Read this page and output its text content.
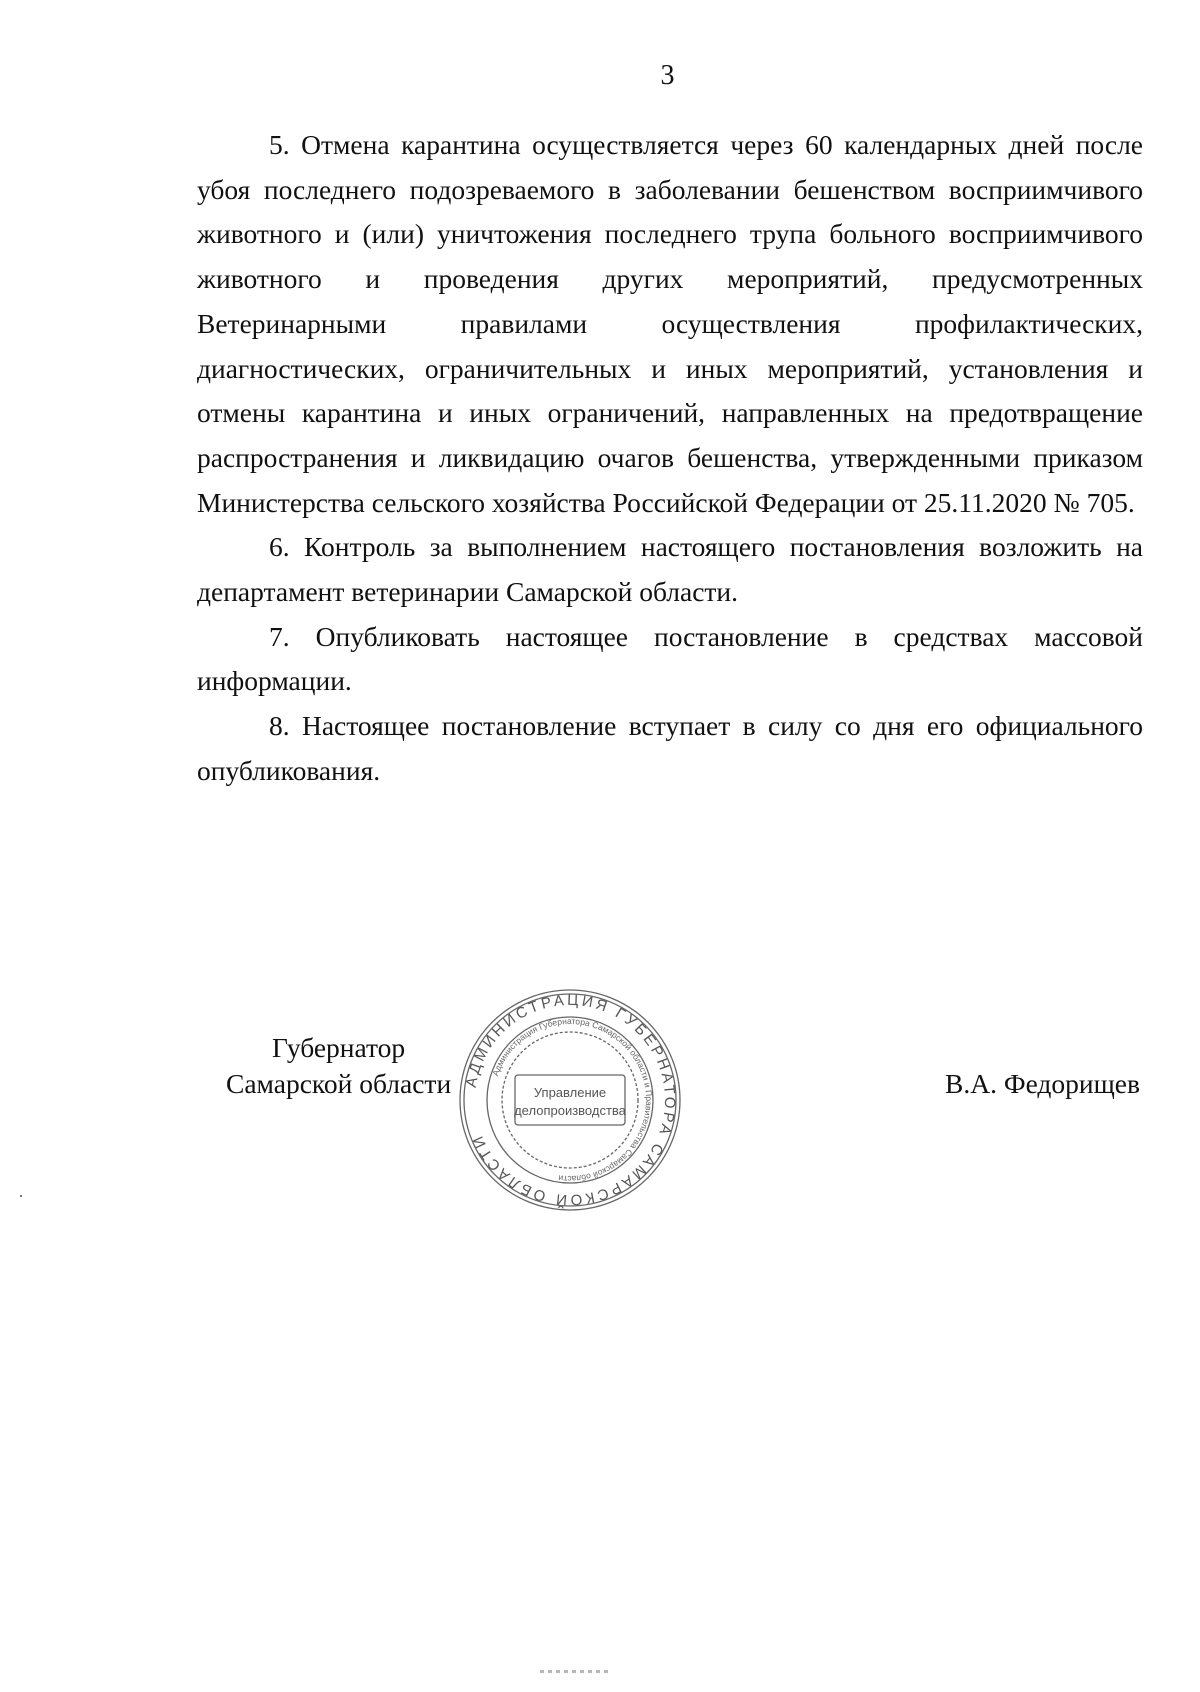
3

5. Отмена карантина осуществляется через 60 календарных дней после убоя последнего подозреваемого в заболевании бешенством восприимчивого животного и (или) уничтожения последнего трупа больного восприимчивого животного и проведения других мероприятий, предусмотренных Ветеринарными правилами осуществления профилактических, диагностических, ограничительных и иных мероприятий, установления и отмены карантина и иных ограничений, направленных на предотвращение распространения и ликвидацию очагов бешенства, утвержденными приказом Министерства сельского хозяйства Российской Федерации от 25.11.2020 № 705.

6. Контроль за выполнением настоящего постановления возложить на департамент ветеринарии Самарской области.

7. Опубликовать настоящее постановление в средствах массовой информации.

8. Настоящее постановление вступает в силу со дня его официального опубликования.

Губернатор
Самарской области	В.А. Федорищев
АДМИНИСТРАЦИЯ ГУБЕРНАТОРА САМАРСКОЙ ОБЛАСТИ
Администрация Губернатора Самарской области и Правительства Самарской области
Управление
делопроизводства
